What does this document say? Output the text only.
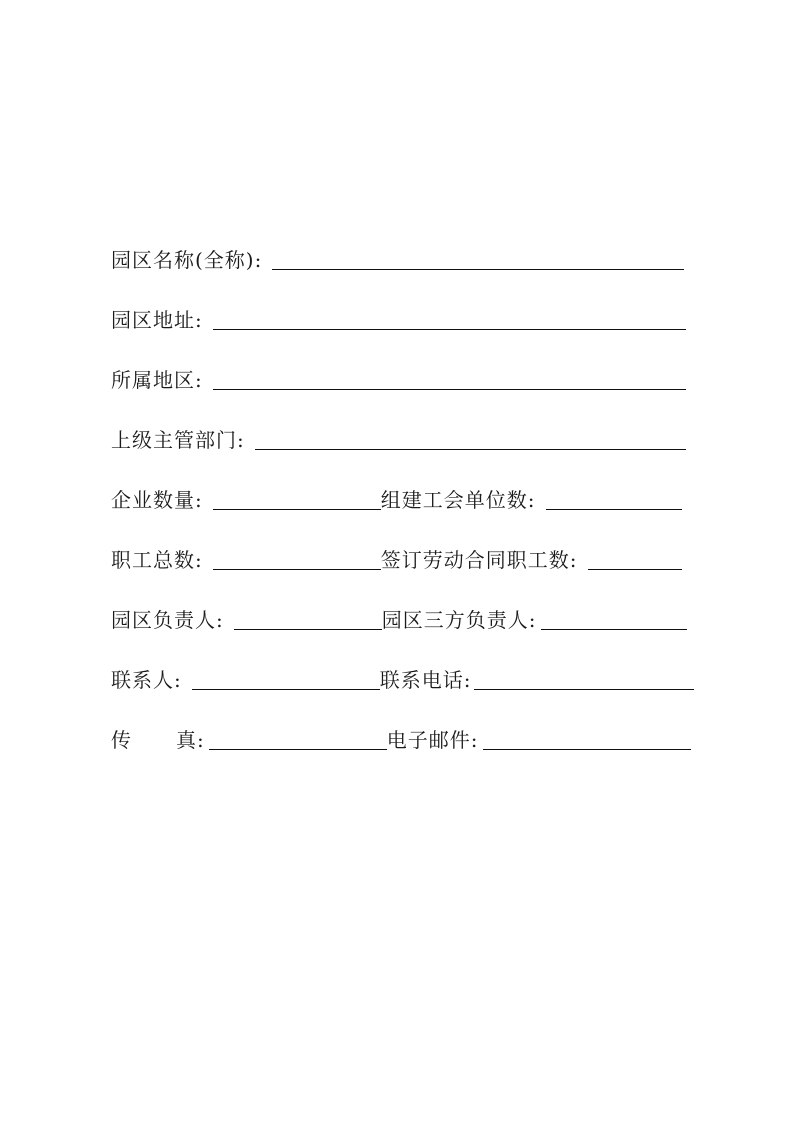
园区名称(全称):
园区地址:
所属地区:
上级主管部门:
企业数量:	组建工会单位数:
职工总数:	签订劳动合同职工数:
园区负责人:	园区三方负责人:
联系人:	联系电话:
传 真:	电子邮件:
